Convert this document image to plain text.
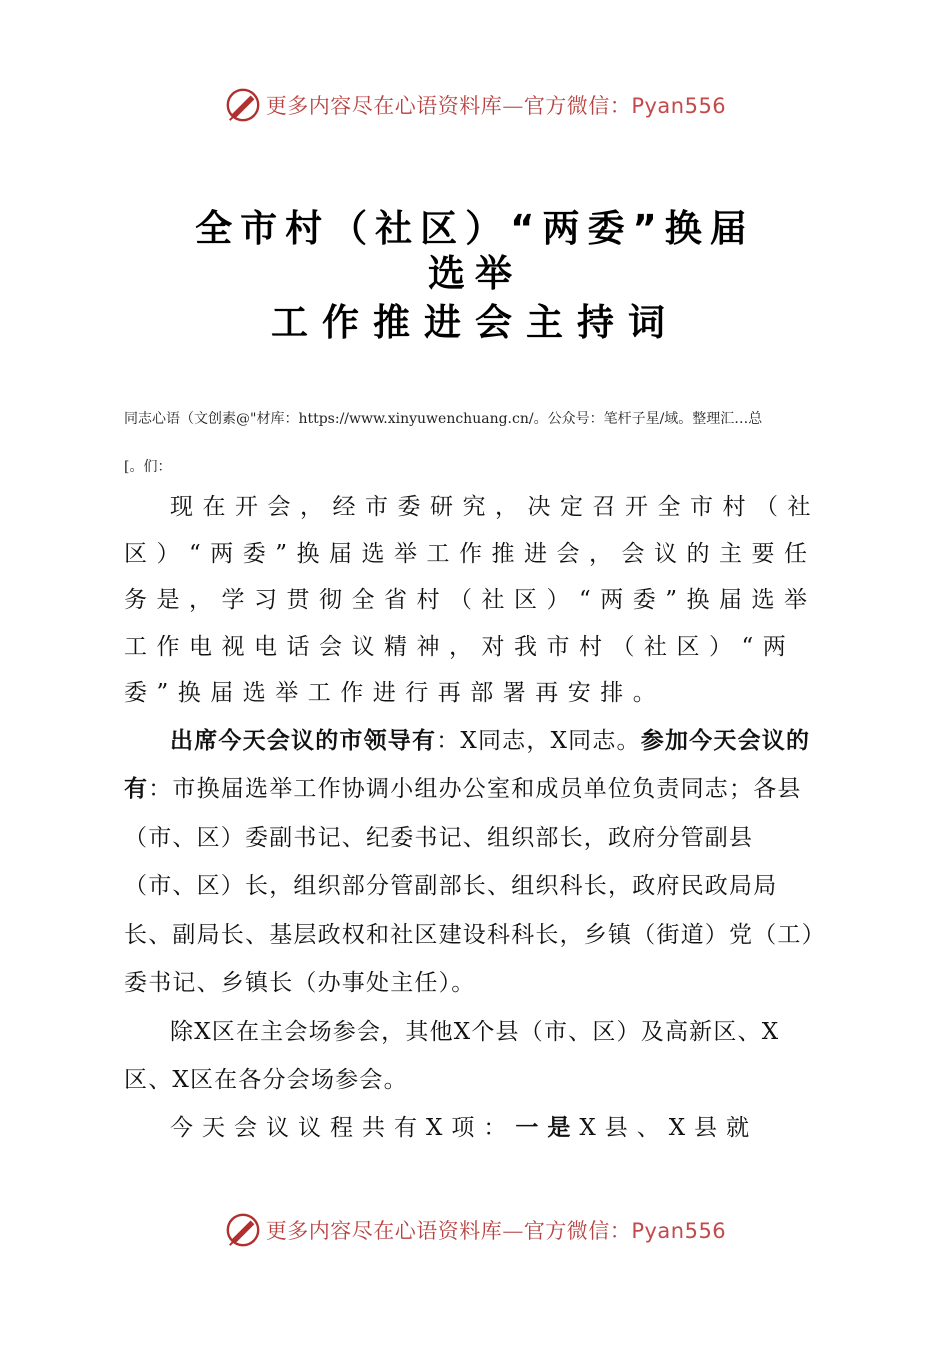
更多内容尽在心语资料库—官方微信：Pyan556
全市村（社区）“两委”换届
选举
工作推进会主持词
同志心语（文创素@"材库：https://www.xinyuwenchuang.cn/。公众号：笔杆子星/域。整理汇…总
[。们：

现在开会，经市委研究，决定召开全市村（社区）“两委”换届选举工作推进会，会议的主要任务是，学习贯彻全省村（社区）“两委”换届选举工作电视电话会议精神，对我市村（社区）“两委”换届选举工作进行再部署再安排。

出席今天会议的市领导有：X同志，X同志。参加今天会议的有：市换届选举工作协调小组办公室和成员单位负责同志；各县（市、区）委副书记、纪委书记、组织部长，政府分管副县（市、区）长，组织部分管副部长、组织科长，政府民政局局长、副局长、基层政权和社区建设科科长，乡镇（街道）党（工）委书记、乡镇长（办事处主任）。

除X区在主会场参会，其他X个县（市、区）及高新区、X区、X区在各分会场参会。

今天会议议程共有X项：一是X县、X县就

更多内容尽在心语资料库—官方微信：Pyan556
